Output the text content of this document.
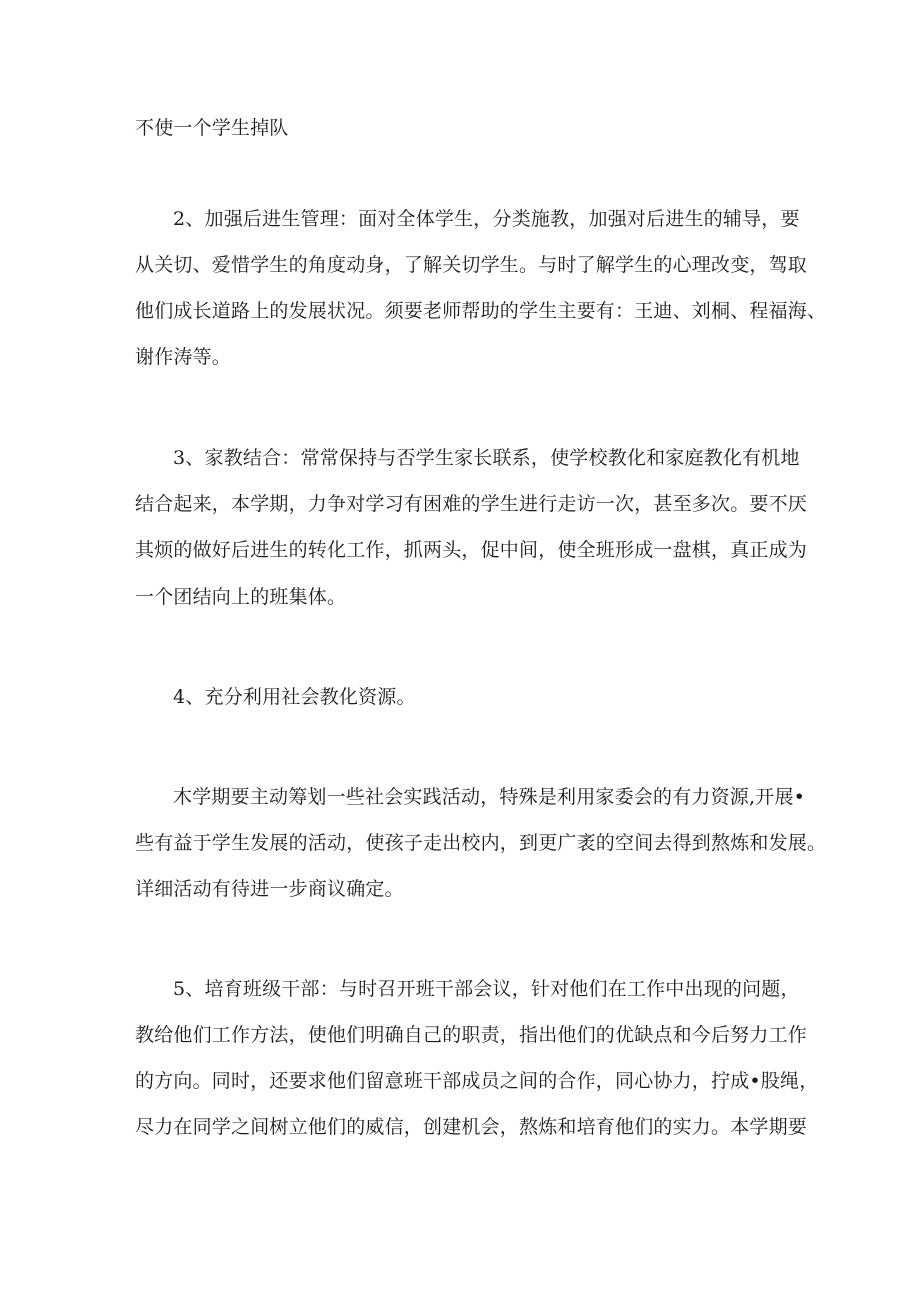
不使一个学生掉队
2、加强后进生管理：面对全体学生，分类施教，加强对后进生的辅导，要
从关切、爱惜学生的角度动身，了解关切学生。与时了解学生的心理改变，驾取
他们成长道路上的发展状况。须要老师帮助的学生主要有：王迪、刘桐、程福海、
谢作涛等。
3、家教结合：常常保持与否学生家长联系，使学校教化和家庭教化有机地
结合起来，本学期，力争对学习有困难的学生进行走访一次，甚至多次。要不厌
其烦的做好后进生的转化工作，抓两头，促中间，使全班形成一盘棋，真正成为
一个团结向上的班集体。
4、充分利用社会教化资源。
木学期要主动筹划一些社会实践活动，特殊是利用家委会的有力资源,开展•
些有益于学生发展的活动，使孩子走出校内，到更广袤的空间去得到熬炼和发展。
详细活动有待进一步商议确定。
5、培育班级干部：与时召开班干部会议，针对他们在工作中出现的问题，
教给他们工作方法，使他们明确自己的职责，指出他们的优缺点和今后努力工作
的方向。同时，还要求他们留意班干部成员之间的合作，同心协力，拧成•股绳，
尽力在同学之间树立他们的威信，创建机会，熬炼和培育他们的实力。本学期要
